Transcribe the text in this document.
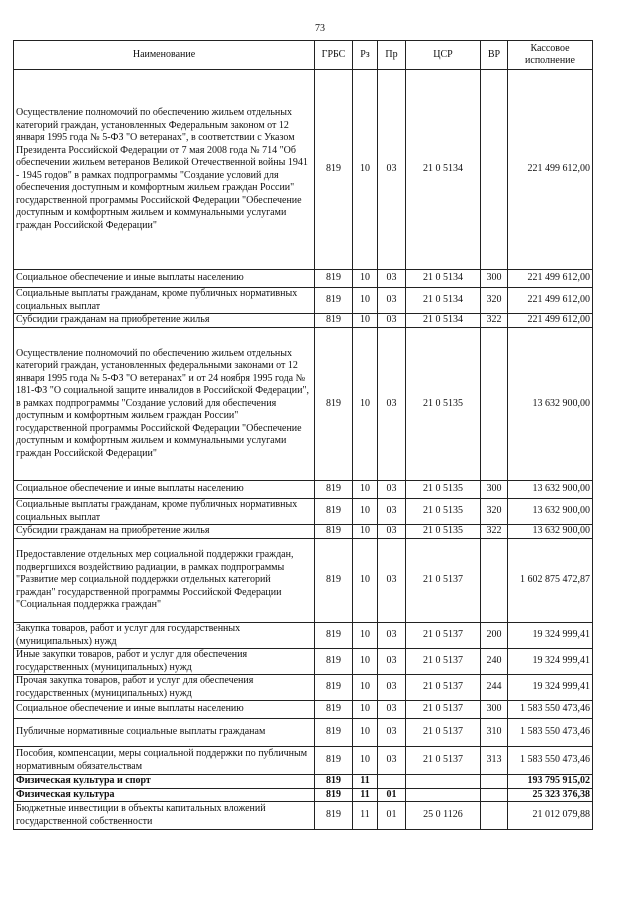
73
Наименование	ГРБС	Рз	Пр	ЦСР	ВР	Кассовое исполнение
Осуществление полномочий по обеспечению жильем отдельных категорий граждан, установленных Федеральным законом от 12 января 1995 года № 5-ФЗ "О ветеранах", в соответствии с Указом Президента Российской Федерации от 7 мая 2008 года № 714 "Об обеспечении жильем ветеранов Великой Отечественной войны 1941 - 1945 годов" в рамках подпрограммы "Создание условий для обеспечения доступным и комфортным жильем граждан России" государственной программы Российской Федерации "Обеспечение доступным и комфортным жильем и коммунальными услугами граждан Российской Федерации"	819	10	03	21 0 5134		221 499 612,00
Социальное обеспечение и иные выплаты населению	819	10	03	21 0 5134	300	221 499 612,00
Социальные выплаты гражданам, кроме публичных нормативных социальных выплат	819	10	03	21 0 5134	320	221 499 612,00
Субсидии гражданам на приобретение жилья	819	10	03	21 0 5134	322	221 499 612,00
Осуществление полномочий по обеспечению жильем отдельных категорий граждан, установленных федеральными законами от 12 января 1995 года № 5-ФЗ "О ветеранах" и от 24 ноября 1995 года № 181-ФЗ "О социальной защите инвалидов в Российской Федерации", в рамках подпрограммы "Создание условий для обеспечения доступным и комфортным жильем граждан России" государственной программы Российской Федерации "Обеспечение доступным и комфортным жильем и коммунальными услугами граждан Российской Федерации"	819	10	03	21 0 5135		13 632 900,00
Социальное обеспечение и иные выплаты населению	819	10	03	21 0 5135	300	13 632 900,00
Социальные выплаты гражданам, кроме публичных нормативных социальных выплат	819	10	03	21 0 5135	320	13 632 900,00
Субсидии гражданам на приобретение жилья	819	10	03	21 0 5135	322	13 632 900,00
Предоставление отдельных мер социальной поддержки граждан, подвергшихся воздействию радиации, в рамках подпрограммы "Развитие мер социальной поддержки отдельных категорий граждан" государственной программы Российской Федерации "Социальная поддержка граждан"	819	10	03	21 0 5137		1 602 875 472,87
Закупка товаров, работ и услуг для государственных (муниципальных) нужд	819	10	03	21 0 5137	200	19 324 999,41
Иные закупки товаров, работ и услуг для обеспечения государственных (муниципальных) нужд	819	10	03	21 0 5137	240	19 324 999,41
Прочая закупка товаров, работ и услуг для обеспечения государственных (муниципальных) нужд	819	10	03	21 0 5137	244	19 324 999,41
Социальное обеспечение и иные выплаты населению	819	10	03	21 0 5137	300	1 583 550 473,46
Публичные нормативные социальные выплаты гражданам	819	10	03	21 0 5137	310	1 583 550 473,46
Пособия, компенсации, меры социальной поддержки по публичным нормативным обязательствам	819	10	03	21 0 5137	313	1 583 550 473,46
Физическая культура и спорт	819	11				193 795 915,02
Физическая культура	819	11	01			25 323 376,38
Бюджетные инвестиции в объекты капитальных вложений государственной собственности	819	11	01	25 0 1126		21 012 079,88
